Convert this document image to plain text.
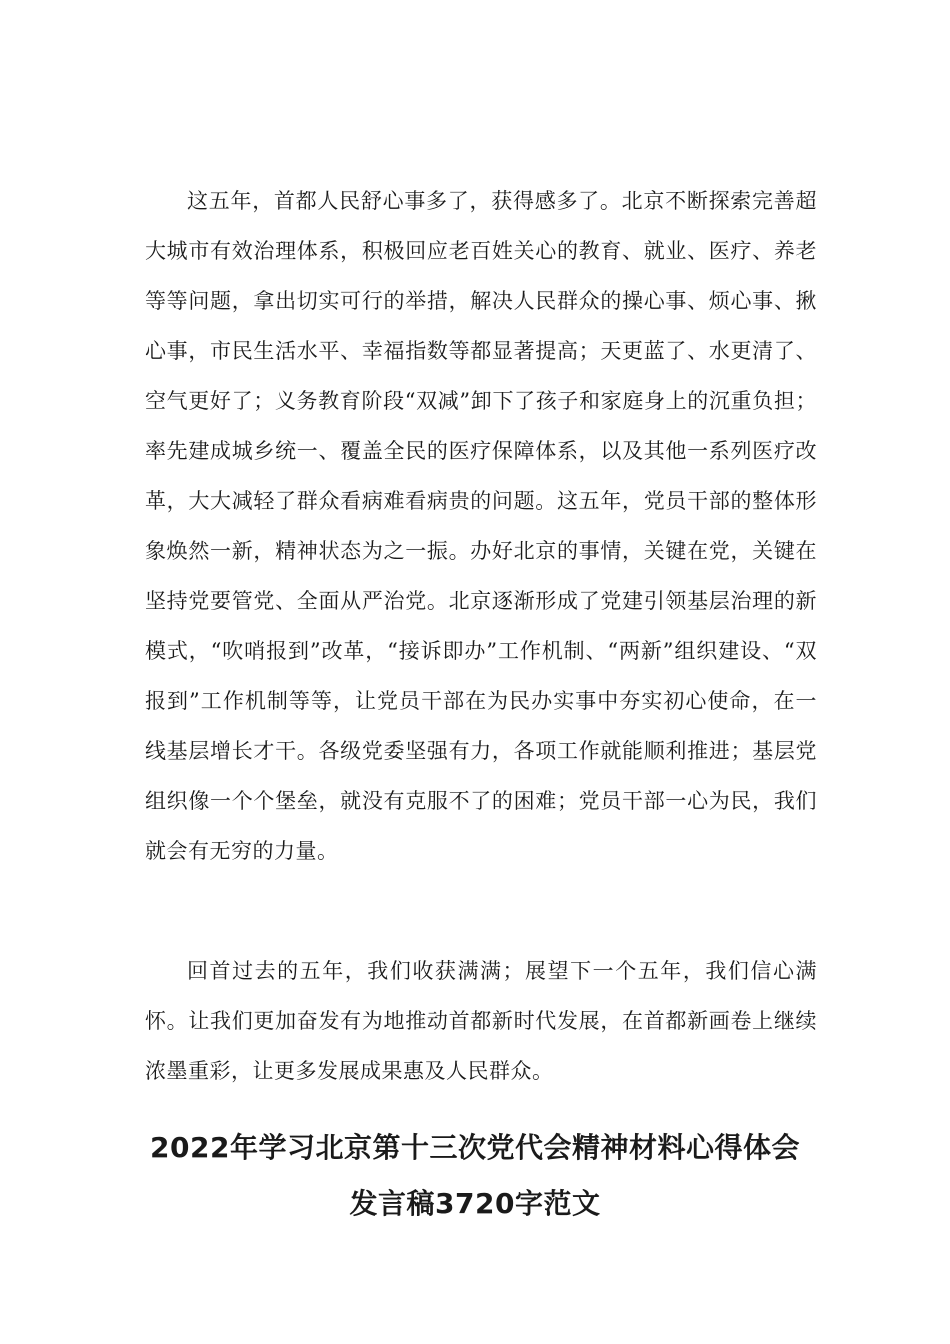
这五年，首都人民舒心事多了，获得感多了。北京不断探索完善超大城市有效治理体系，积极回应老百姓关心的教育、就业、医疗、养老等等问题，拿出切实可行的举措，解决人民群众的操心事、烦心事、揪心事，市民生活水平、幸福指数等都显著提高；天更蓝了、水更清了、空气更好了；义务教育阶段“双减”卸下了孩子和家庭身上的沉重负担；率先建成城乡统一、覆盖全民的医疗保障体系，以及其他一系列医疗改革，大大减轻了群众看病难看病贵的问题。这五年，党员干部的整体形象焕然一新，精神状态为之一振。办好北京的事情，关键在党，关键在坚持党要管党、全面从严治党。北京逐渐形成了党建引领基层治理的新模式，“吹哨报到”改革，“接诉即办”工作机制、“两新”组织建设、“双报到”工作机制等等，让党员干部在为民办实事中夯实初心使命，在一线基层增长才干。各级党委坚强有力，各项工作就能顺利推进；基层党组织像一个个堡垒，就没有克服不了的困难；党员干部一心为民，我们就会有无穷的力量。

回首过去的五年，我们收获满满；展望下一个五年，我们信心满怀。让我们更加奋发有为地推动首都新时代发展，在首都新画卷上继续浓墨重彩，让更多发展成果惠及人民群众。

2022年学习北京第十三次党代会精神材料心得体会
发言稿3720字范文
